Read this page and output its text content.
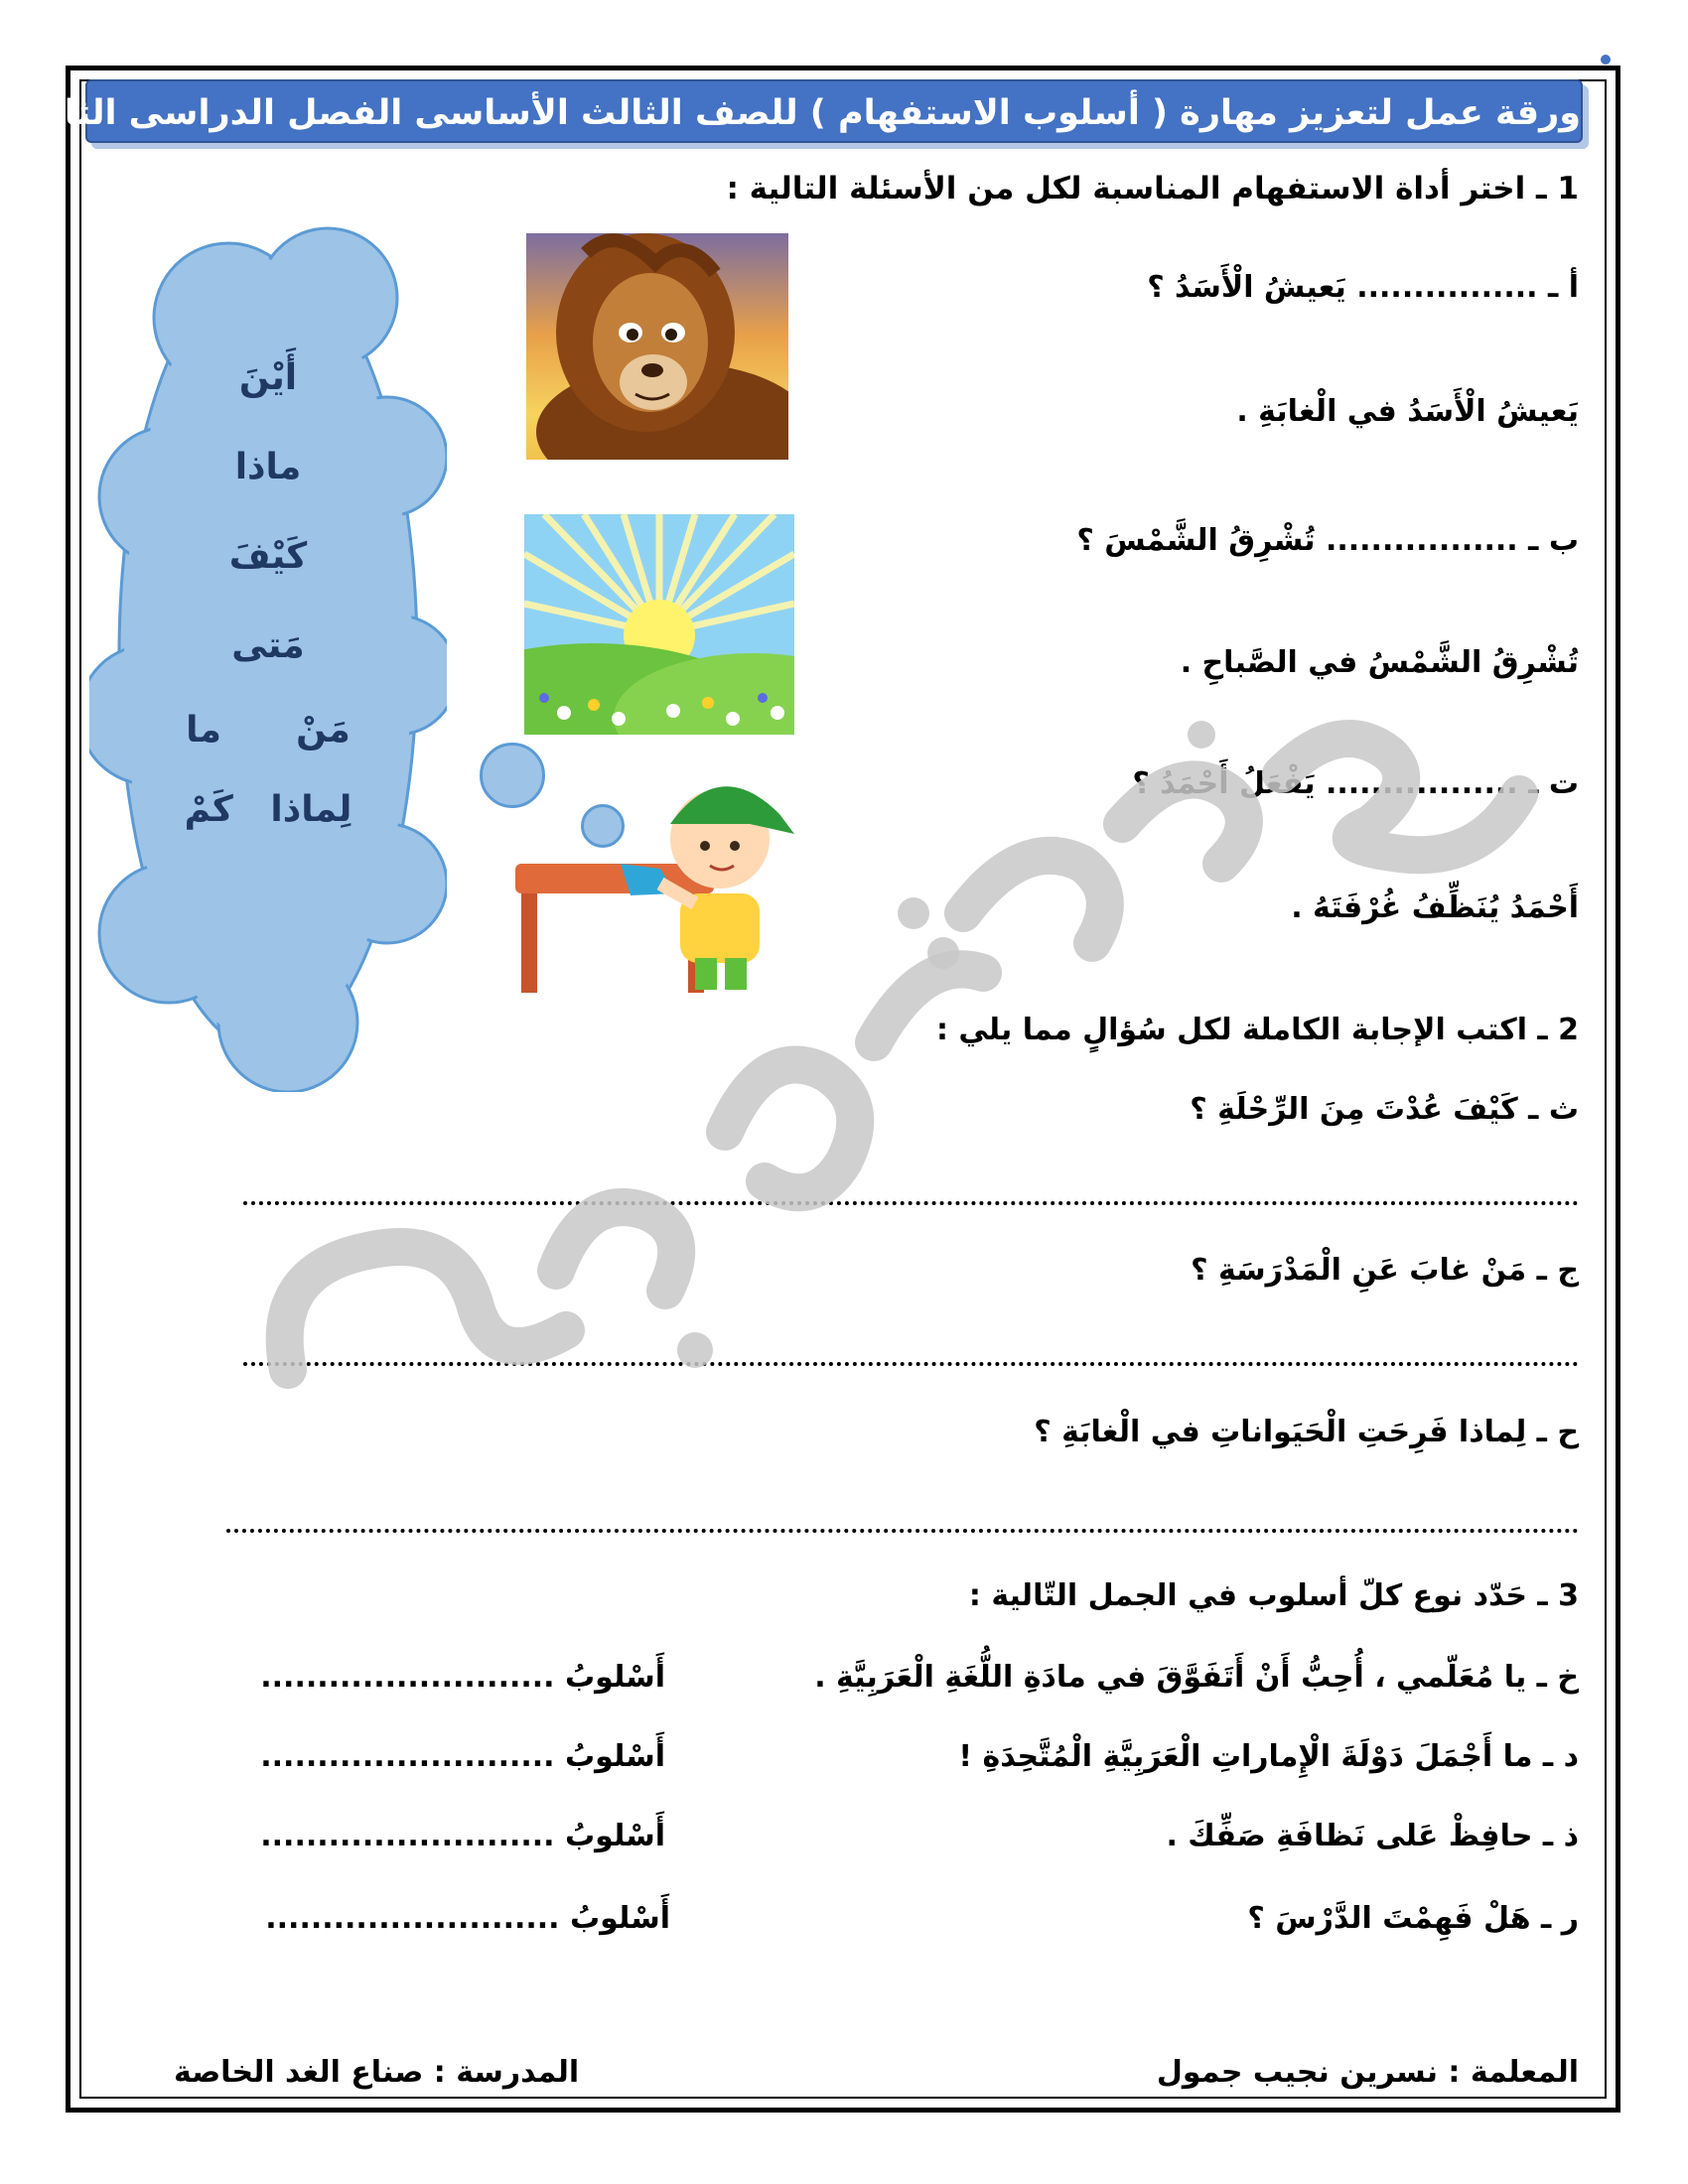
ورقة عمل لتعزيز مهارة ( أسلوب الاستفهام ) للصف الثالث الأساسى الفصل الدراسى الثانى
1 ـ اختر أداة الاستفهام المناسبة لكل من الأسئلة التالية :
أ ـ ................ يَعيشُ الْأَسَدُ ؟
يَعيشُ الْأَسَدُ في الْغابَةِ .
ب ـ ................. تُشْرِقُ الشَّمْسَ ؟
تُشْرِقُ الشَّمْسُ في الصَّباحِ .
ت ـ ................. يَفْعَلُ أَحْمَدُ ؟
أَحْمَدُ يُنَظِّفُ غُرْفَتَهُ .
أَيْنَ
ماذا
كَيْفَ
مَتى
مَنْ      ما
لِماذا   كَمْ
2 ـ اكتب الإجابة الكاملة لكل سُؤالٍ مما يلي :
ث ـ كَيْفَ عُدْتَ مِنَ الرِّحْلَةِ ؟
ج ـ مَنْ غابَ عَنِ الْمَدْرَسَةِ ؟
ح ـ لِماذا فَرِحَتِ الْحَيَواناتِ في الْغابَةِ ؟
3 ـ حَدّد نوع كلّ أسلوب في الجمل التّالية :
خ ـ يا مُعَلّمي ، أُحِبُّ أَنْ أَتَفَوَّقَ في مادَةِ اللُّغَةِ الْعَرَبِيَّةِ .
أَسْلوبُ ..........................
د ـ ما أَجْمَلَ دَوْلَةَ الْإِماراتِ الْعَرَبِيَّةِ الْمُتَّحِدَةِ !
أَسْلوبُ ..........................
ذ ـ حافِظْ عَلى نَظافَةِ صَفِّكَ .
أَسْلوبُ ..........................
ر ـ هَلْ فَهِمْتَ الدَّرْسَ ؟
أَسْلوبُ ..........................
المعلمة : نسرين نجيب جمول
المدرسة : صناع الغد الخاصة
